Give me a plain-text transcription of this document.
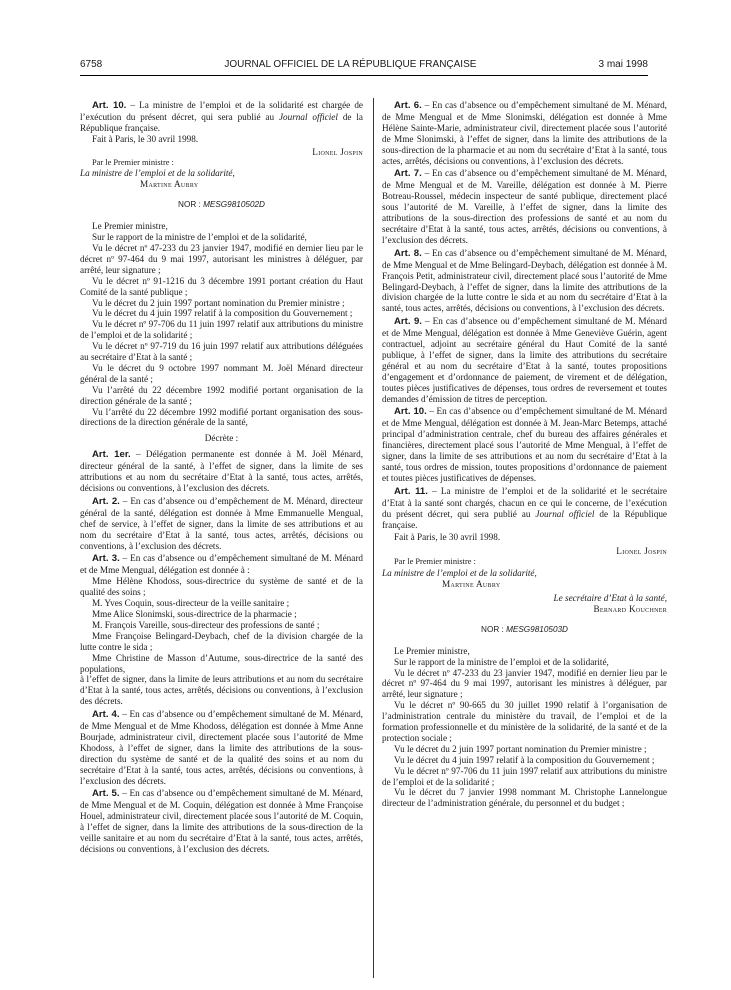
6758	JOURNAL OFFICIEL DE LA RÉPUBLIQUE FRANÇAISE	3 mai 1998

Art. 10. – La ministre de l’emploi et de la solidarité est chargée de l’exécution du présent décret, qui sera publié au Journal officiel de la République française.

Fait à Paris, le 30 avril 1998.

Lionel Jospin

Par le Premier ministre :

La ministre de l’emploi et de la solidarité,

Martine Aubry

NOR : MESG9810502D

Le Premier ministre,

Sur le rapport de la ministre de l’emploi et de la solidarité,

Vu le décret nº 47-233 du 23 janvier 1947, modifié en dernier lieu par le décret nº 97-464 du 9 mai 1997, autorisant les ministres à déléguer, par arrêté, leur signature ;

Vu le décret nº 91-1216 du 3 décembre 1991 portant création du Haut Comité de la santé publique ;

Vu le décret du 2 juin 1997 portant nomination du Premier ministre ;

Vu le décret du 4 juin 1997 relatif à la composition du Gouvernement ;

Vu le décret nº 97-706 du 11 juin 1997 relatif aux attributions du ministre de l’emploi et de la solidarité ;

Vu le décret nº 97-719 du 16 juin 1997 relatif aux attributions déléguées au secrétaire d’Etat à la santé ;

Vu le décret du 9 octobre 1997 nommant M. Joël Ménard directeur général de la santé ;

Vu l’arrêté du 22 décembre 1992 modifié portant organisation de la direction générale de la santé ;

Vu l’arrêté du 22 décembre 1992 modifié portant organisation des sous-directions de la direction générale de la santé,

Décrète :

Art. 1er. – Délégation permanente est donnée à M. Joël Ménard, directeur général de la santé, à l’effet de signer, dans la limite de ses attributions et au nom du secrétaire d’Etat à la santé, tous actes, arrêtés, décisions ou conventions, à l’exclusion des décrets.

Art. 2. – En cas d’absence ou d’empêchement de M. Ménard, directeur général de la santé, délégation est donnée à Mme Emmanuelle Mengual, chef de service, à l’effet de signer, dans la limite de ses attributions et au nom du secrétaire d’Etat à la santé, tous actes, arrêtés, décisions ou conventions, à l’exclusion des décrets.

Art. 3. – En cas d’absence ou d’empêchement simultané de M. Ménard et de Mme Mengual, délégation est donnée à :

Mme Hélène Khodoss, sous-directrice du système de santé et de la qualité des soins ;

M. Yves Coquin, sous-directeur de la veille sanitaire ;

Mme Alice Slonimski, sous-directrice de la pharmacie ;

M. François Vareille, sous-directeur des professions de santé ;

Mme Françoise Belingard-Deybach, chef de la division chargée de la lutte contre le sida ;

Mme Christine de Masson d’Autume, sous-directrice de la santé des populations,

à l’effet de signer, dans la limite de leurs attributions et au nom du secrétaire d’Etat à la santé, tous actes, arrêtés, décisions ou conventions, à l’exclusion des décrets.

Art. 4. – En cas d’absence ou d’empêchement simultané de M. Ménard, de Mme Mengual et de Mme Khodoss, délégation est donnée à Mme Anne Bourjade, administrateur civil, directement placée sous l’autorité de Mme Khodoss, à l’effet de signer, dans la limite des attributions de la sous-direction du système de santé et de la qualité des soins et au nom du secrétaire d’Etat à la santé, tous actes, arrêtés, décisions ou conventions, à l’exclusion des décrets.

Art. 5. – En cas d’absence ou d’empêchement simultané de M. Ménard, de Mme Mengual et de M. Coquin, délégation est donnée à Mme Françoise Houel, administrateur civil, directement placée sous l’autorité de M. Coquin, à l’effet de signer, dans la limite des attributions de la sous-direction de la veille sanitaire et au nom du secrétaire d’Etat à la santé, tous actes, arrêtés, décisions ou conventions, à l’exclusion des décrets.

Art. 6. – En cas d’absence ou d’empêchement simultané de M. Ménard, de Mme Mengual et de Mme Slonimski, délégation est donnée à Mme Hélène Sainte-Marie, administrateur civil, directement placée sous l’autorité de Mme Slonimski, à l’effet de signer, dans la limite des attributions de la sous-direction de la pharmacie et au nom du secrétaire d’Etat à la santé, tous actes, arrêtés, décisions ou conventions, à l’exclusion des décrets.

Art. 7. – En cas d’absence ou d’empêchement simultané de M. Ménard, de Mme Mengual et de M. Vareille, délégation est donnée à M. Pierre Botreau-Roussel, médecin inspecteur de santé publique, directement placé sous l’autorité de M. Vareille, à l’effet de signer, dans la limite des attributions de la sous-direction des professions de santé et au nom du secrétaire d’Etat à la santé, tous actes, arrêtés, décisions ou conventions, à l’exclusion des décrets.

Art. 8. – En cas d’absence ou d’empêchement simultané de M. Ménard, de Mme Mengual et de Mme Belingard-Deybach, délégation est donnée à M. François Petit, administrateur civil, directement placé sous l’autorité de Mme Belingard-Deybach, à l’effet de signer, dans la limite des attributions de la division chargée de la lutte contre le sida et au nom du secrétaire d’Etat à la santé, tous actes, arrêtés, décisions ou conventions, à l’exclusion des décrets.

Art. 9. – En cas d’absence ou d’empêchement simultané de M. Ménard et de Mme Mengual, délégation est donnée à Mme Geneviève Guérin, agent contractuel, adjoint au secrétaire général du Haut Comité de la santé publique, à l’effet de signer, dans la limite des attributions du secrétaire général et au nom du secrétaire d’Etat à la santé, toutes propositions d’engagement et d’ordonnance de paiement, de virement et de délégation, toutes pièces justificatives de dépenses, tous ordres de reversement et toutes demandes d’émission de titres de perception.

Art. 10. – En cas d’absence ou d’empêchement simultané de M. Ménard et de Mme Mengual, délégation est donnée à M. Jean-Marc Betemps, attaché principal d’administration centrale, chef du bureau des affaires générales et financières, directement placé sous l’autorité de Mme Mengual, à l’effet de signer, dans la limite de ses attributions et au nom du secrétaire d’Etat à la santé, tous ordres de mission, toutes propositions d’ordonnance de paiement et toutes pièces justificatives de dépenses.

Art. 11. – La ministre de l’emploi et de la solidarité et le secrétaire d’Etat à la santé sont chargés, chacun en ce qui le concerne, de l’exécution du présent décret, qui sera publié au Journal officiel de la République française.

Fait à Paris, le 30 avril 1998.

Lionel Jospin

Par le Premier ministre :

La ministre de l’emploi et de la solidarité,

Martine Aubry

Le secrétaire d’Etat à la santé,

Bernard Kouchner

NOR : MESG9810503D

Le Premier ministre,

Sur le rapport de la ministre de l’emploi et de la solidarité,

Vu le décret nº 47-233 du 23 janvier 1947, modifié en dernier lieu par le décret nº 97-464 du 9 mai 1997, autorisant les ministres à déléguer, par arrêté, leur signature ;

Vu le décret nº 90-665 du 30 juillet 1990 relatif à l’organisation de l’administration centrale du ministère du travail, de l’emploi et de la formation professionnelle et du ministère de la solidarité, de la santé et de la protection sociale ;

Vu le décret du 2 juin 1997 portant nomination du Premier ministre ;

Vu le décret du 4 juin 1997 relatif à la composition du Gouvernement ;

Vu le décret nº 97-706 du 11 juin 1997 relatif aux attributions du ministre de l’emploi et de la solidarité ;

Vu le décret du 7 janvier 1998 nommant M. Christophe Lannelongue directeur de l’administration générale, du personnel et du budget ;
